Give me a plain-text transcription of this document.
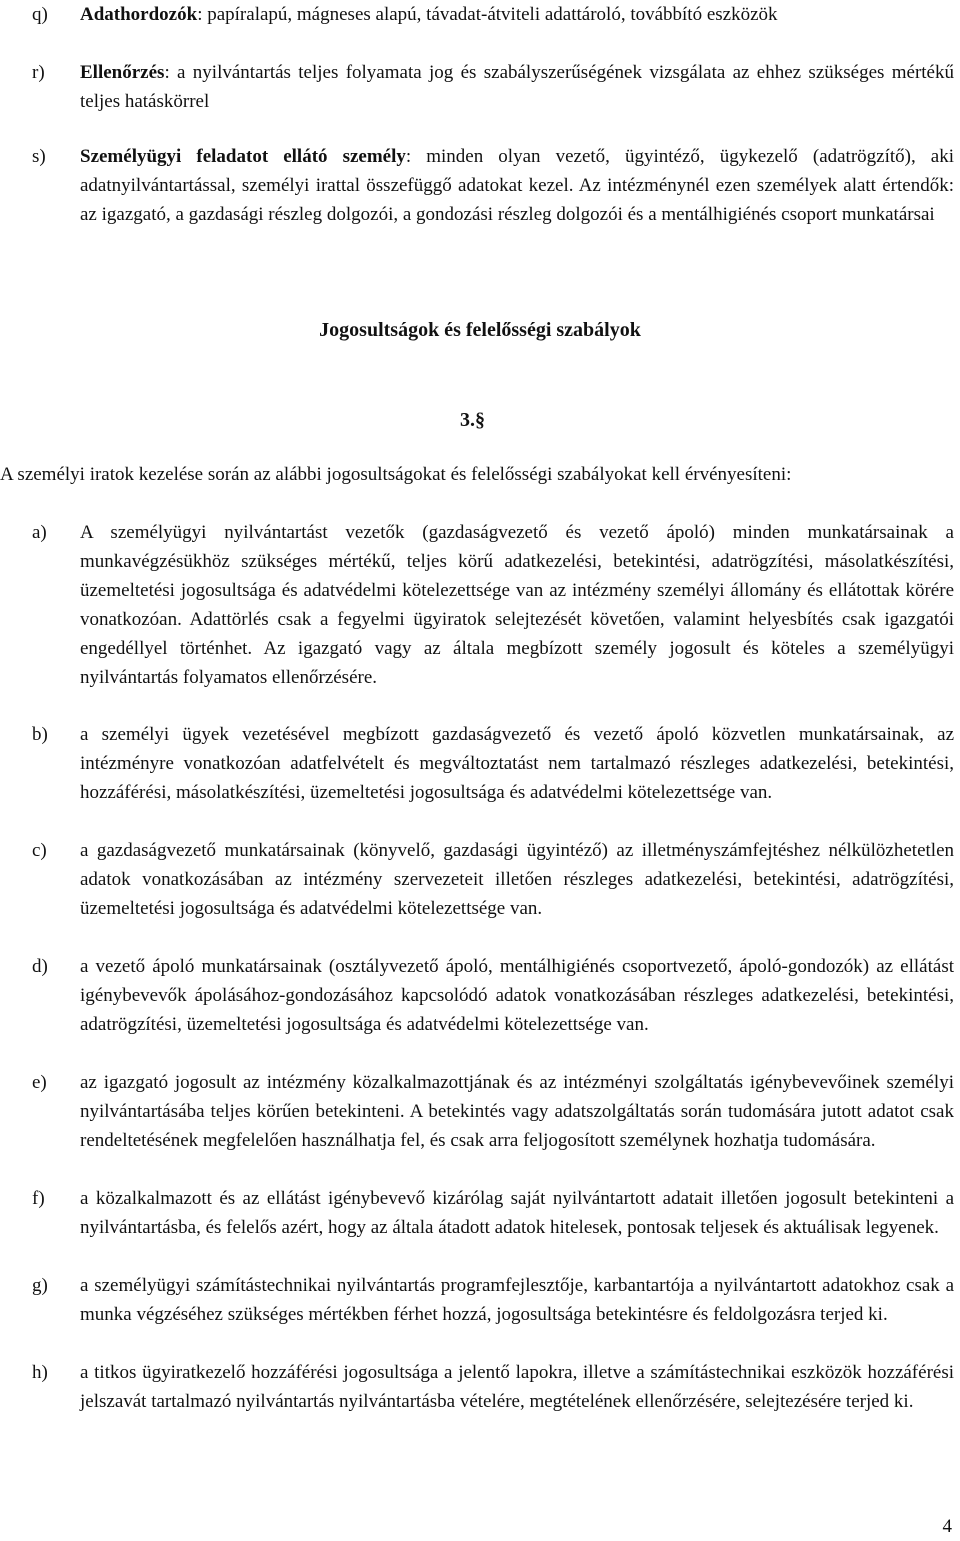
q) Adathordozók: papíralapú, mágneses alapú, távadat-átviteli adattároló, továbbító eszközök
r) Ellenőrzés: a nyilvántartás teljes folyamata jog és szabályszerűségének vizsgálata az ehhez szükséges mértékű teljes hatáskörrel
s) Személyügyi feladatot ellátó személy: minden olyan vezető, ügyintéző, ügykezelő (adatrögzítő), aki adatnyilvántartással, személyi irattal összefüggő adatokat kezel. Az intézménynél ezen személyek alatt értendők: az igazgató, a gazdasági részleg dolgozói, a gondozási részleg dolgozói és a mentálhigiénés csoport munkatársai
Jogosultságok és felelősségi szabályok
3.§
A személyi iratok kezelése során az alábbi jogosultságokat és felelősségi szabályokat kell érvényesíteni:
a) A személyügyi nyilvántartást vezetők (gazdaságvezető és vezető ápoló) minden munkatársainak a munkavégzésükhöz szükséges mértékű, teljes körű adatkezelési, betekintési, adatrögzítési, másolatkészítési, üzemeltetési jogosultsága és adatvédelmi kötelezettsége van az intézmény személyi állomány és ellátottak körére vonatkozóan. Adattörlés csak a fegyelmi ügyiratok selejtezését követően, valamint helyesbítés csak igazgatói engedéllyel történhet. Az igazgató vagy az általa megbízott személy jogosult és köteles a személyügyi nyilvántartás folyamatos ellenőrzésére.
b) a személyi ügyek vezetésével megbízott gazdaságvezető és vezető ápoló közvetlen munkatársainak, az intézményre vonatkozóan adatfelvételt és megváltoztatást nem tartalmazó részleges adatkezelési, betekintési, hozzáférési, másolatkészítési, üzemeltetési jogosultsága és adatvédelmi kötelezettsége van.
c) a gazdaságvezető munkatársainak (könyvelő, gazdasági ügyintéző) az illetményszámfejtéshez nélkülözhetetlen adatok vonatkozásában az intézmény szervezeteit illetően részleges adatkezelési, betekintési, adatrögzítési, üzemeltetési jogosultsága és adatvédelmi kötelezettsége van.
d) a vezető ápoló munkatársainak (osztályvezető ápoló, mentálhigiénés csoportvezető, ápoló-gondozók) az ellátást igénybevevők ápolásához-gondozásához kapcsolódó adatok vonatkozásában részleges adatkezelési, betekintési, adatrögzítési, üzemeltetési jogosultsága és adatvédelmi kötelezettsége van.
e) az igazgató jogosult az intézmény közalkalmazottjának és az intézményi szolgáltatás igénybevevőinek személyi nyilvántartásába teljes körűen betekinteni. A betekintés vagy adatszolgáltatás során tudomására jutott adatot csak rendeltetésének megfelelően használhatja fel, és csak arra feljogosított személynek hozhatja tudomására.
f) a közalkalmazott és az ellátást igénybevevő kizárólag saját nyilvántartott adatait illetően jogosult betekinteni a nyilvántartásba, és felelős azért, hogy az általa átadott adatok hitelesek, pontosak teljesek és aktuálisak legyenek.
g) a személyügyi számítástechnikai nyilvántartás programfejlesztője, karbantartója a nyilvántartott adatokhoz csak a munka végzéséhez szükséges mértékben férhet hozzá, jogosultsága betekintésre és feldolgozásra terjed ki.
h) a titkos ügyiratkezelő hozzáférési jogosultsága a jelentő lapokra, illetve a számítástechnikai eszközök hozzáférési jelszavát tartalmazó nyilvántartás nyilvántartásba vételére, megtételének ellenőrzésére, selejtezésére terjed ki.
4
